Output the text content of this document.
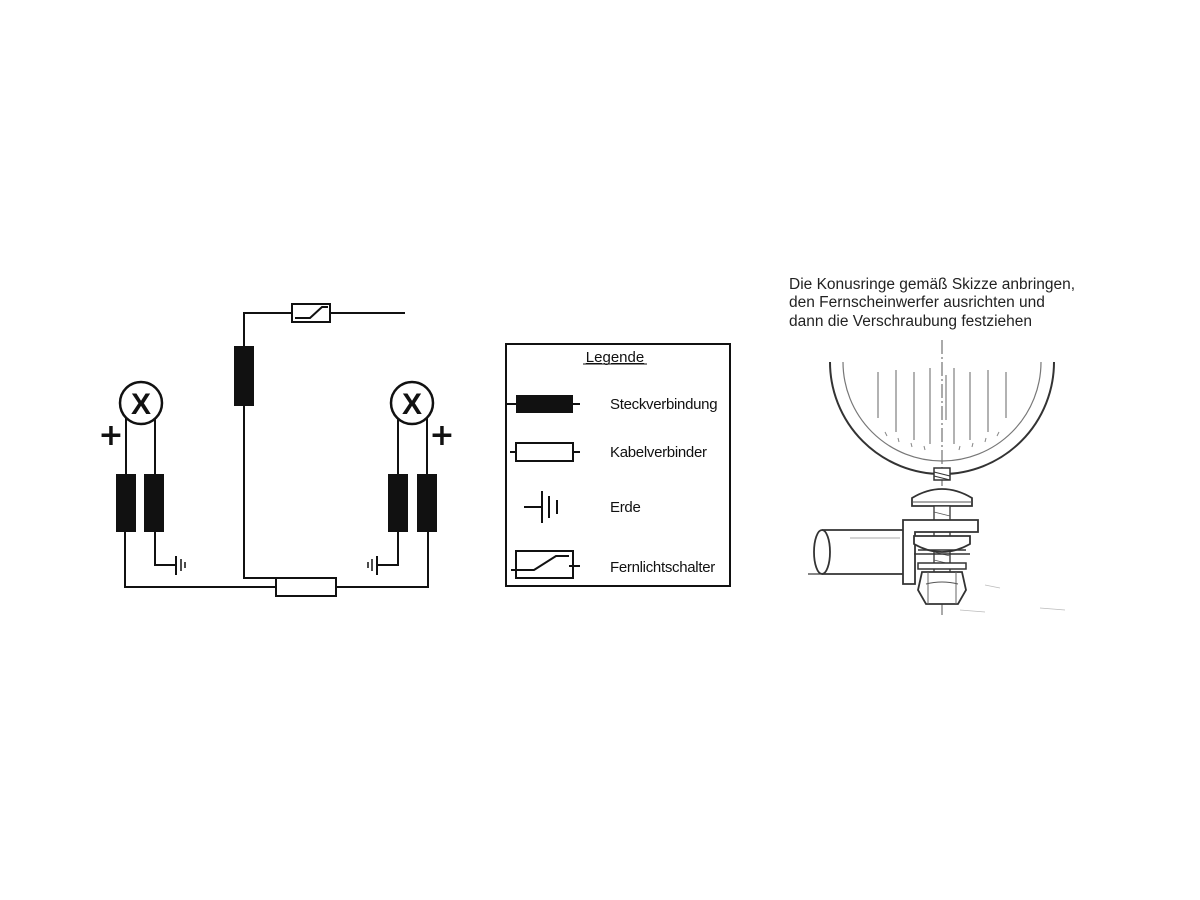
X
+
X
+
Legende
Steckverbindung
Kabelverbinder
Erde
Fernlichtschalter
Die Konusringe gemäß Skizze anbringen,
den Fernscheinwerfer ausrichten und
dann die Verschraubung festziehen
